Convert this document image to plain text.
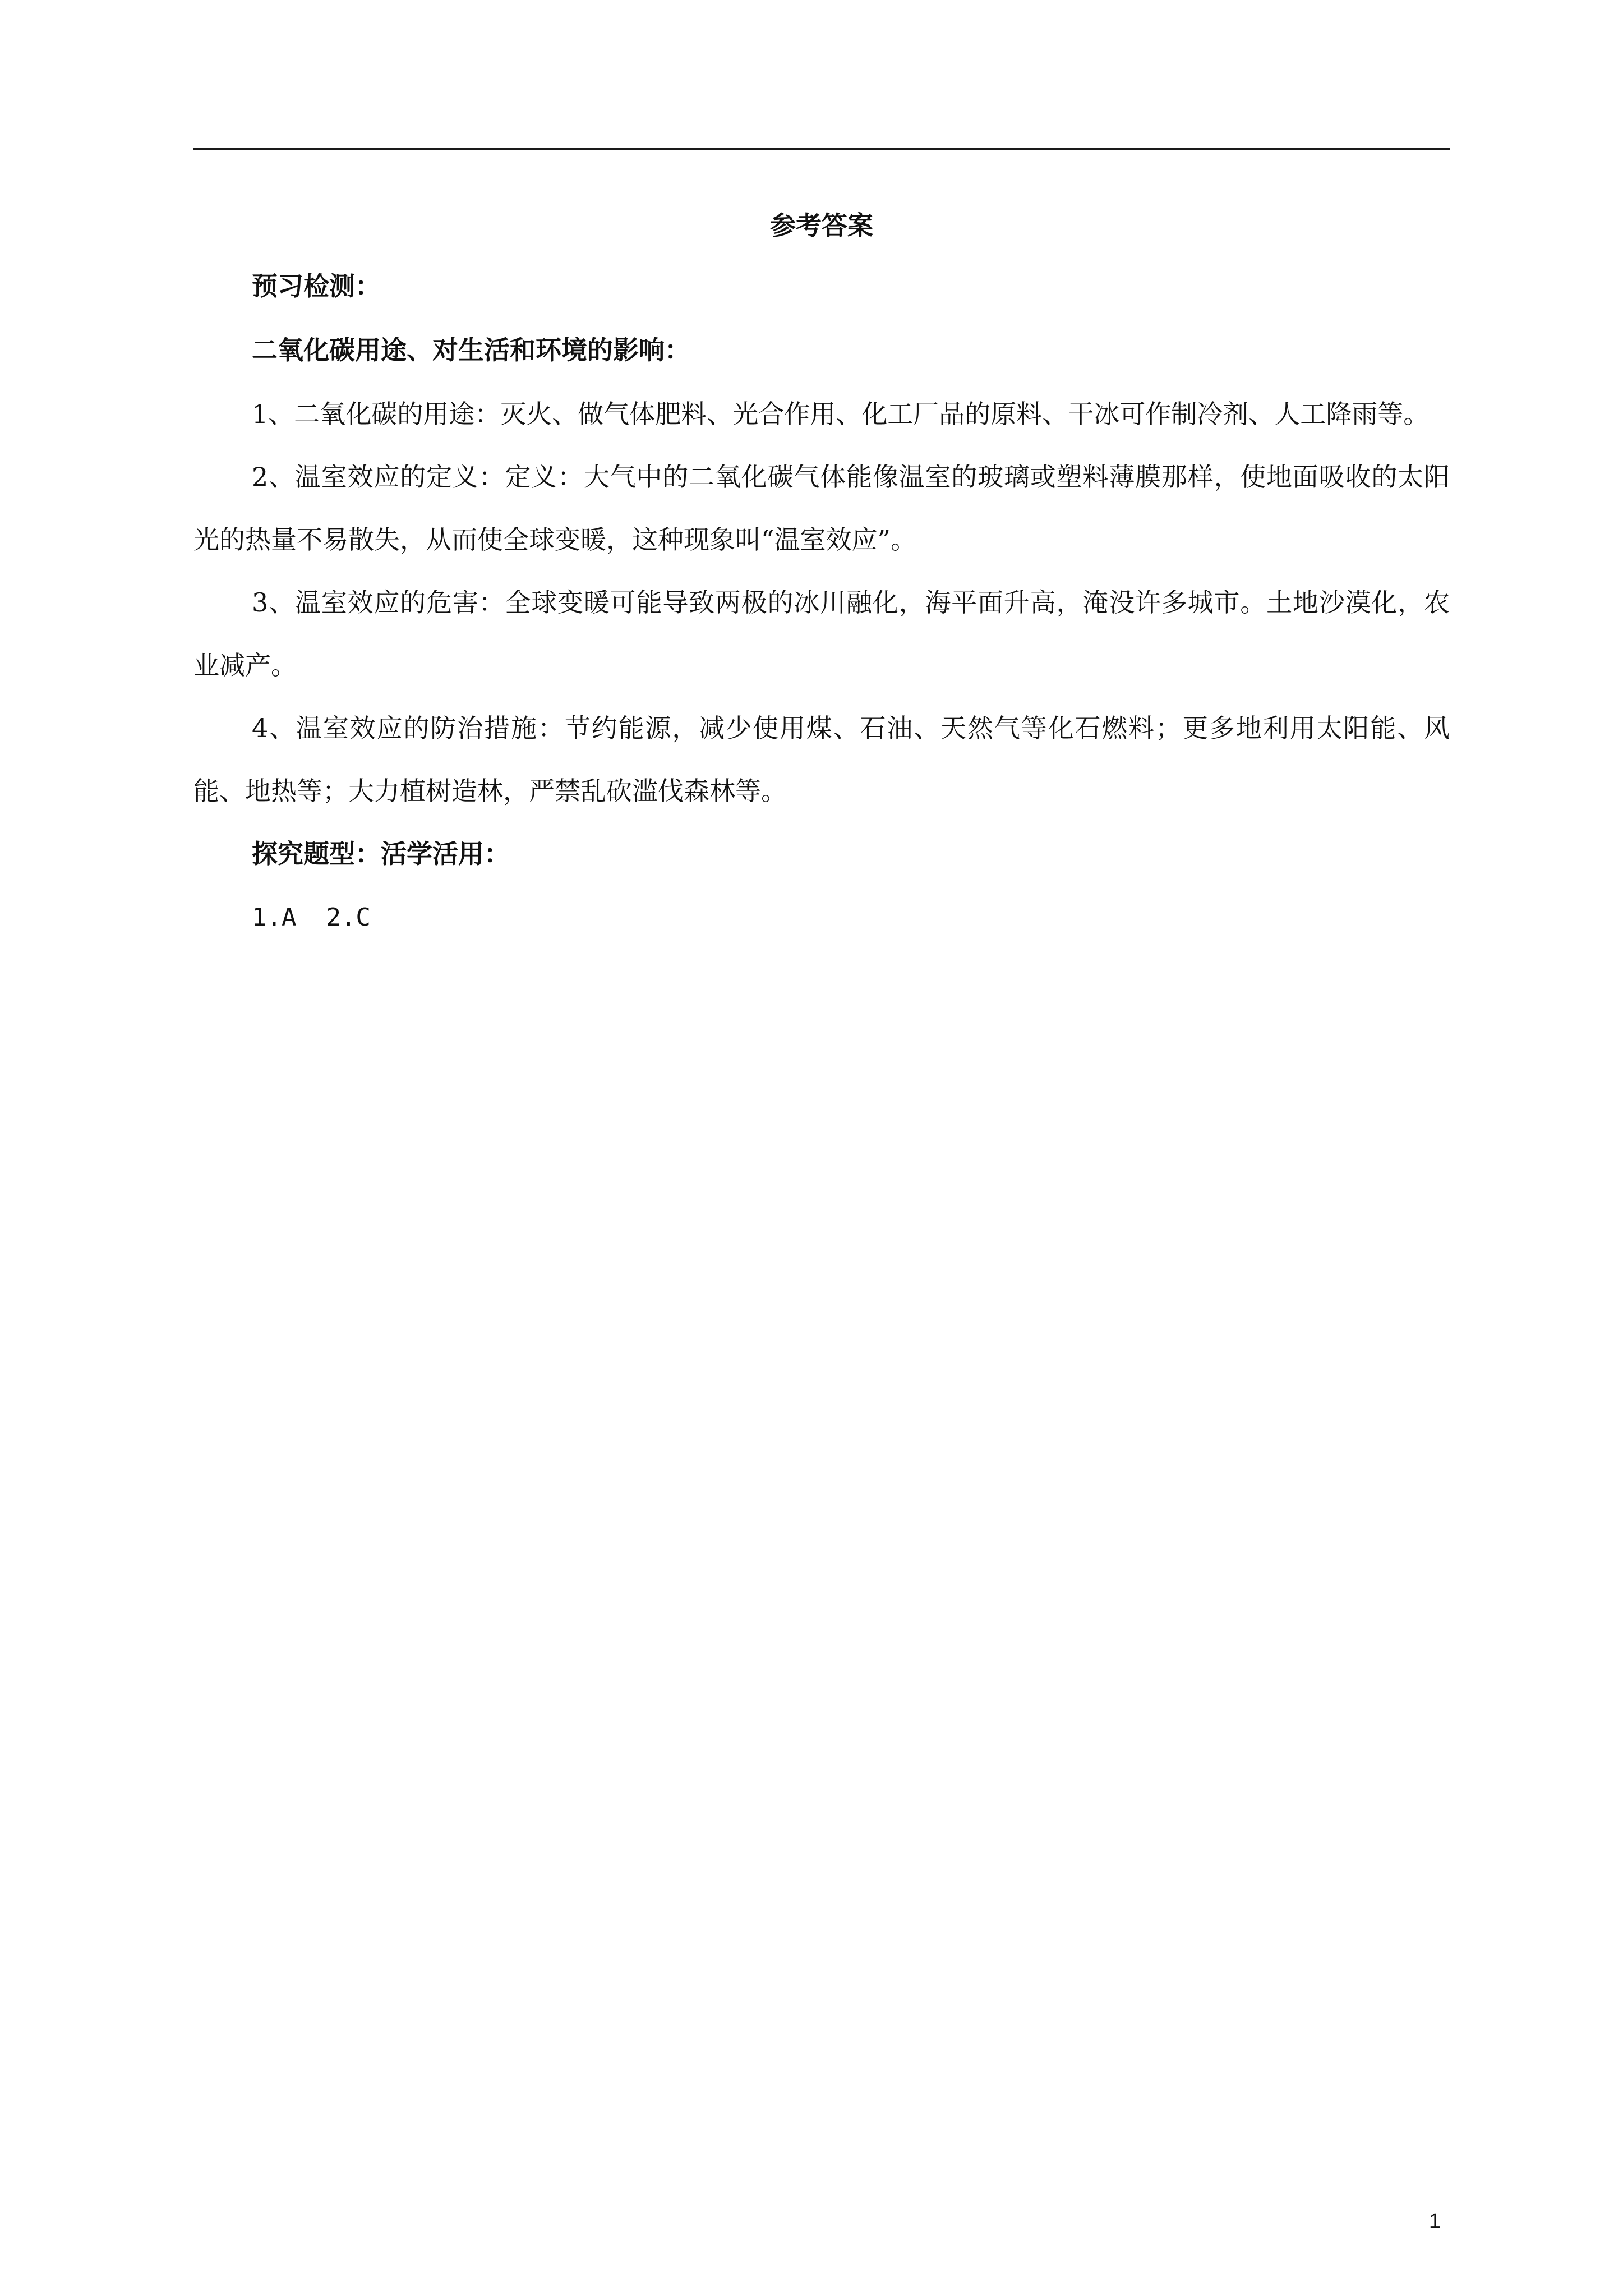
参考答案
预习检测：
二氧化碳用途、对生活和环境的影响：

1、二氧化碳的用途：灭火、做气体肥料、光合作用、化工厂品的原料、干冰可作制冷剂、人工降雨等。

2、温室效应的定义：定义：大气中的二氧化碳气体能像温室的玻璃或塑料薄膜那样，使地面吸收的太阳光的热量不易散失，从而使全球变暖，这种现象叫“温室效应”。

3、温室效应的危害：全球变暖可能导致两极的冰川融化，海平面升高，淹没许多城市。土地沙漠化，农业减产。

4、温室效应的防治措施：节约能源，减少使用煤、石油、天然气等化石燃料；更多地利用太阳能、风能、地热等；大力植树造林，严禁乱砍滥伐森林等。

探究题型：活学活用：
1.A  2.C
1
